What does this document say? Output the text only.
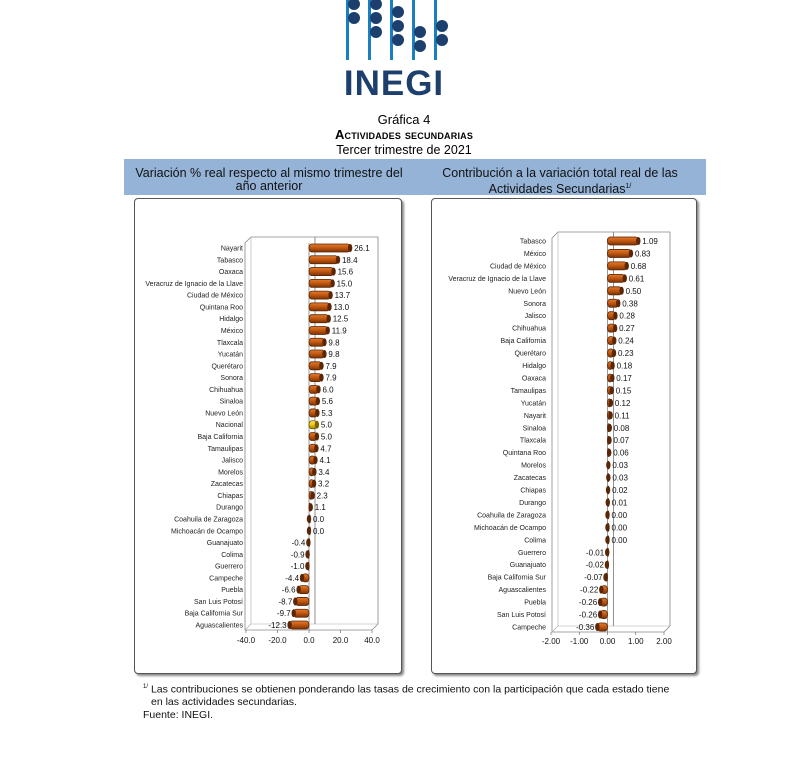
INEGI
Gráfica 4
Actividades secundarias
Tercer trimestre de 2021
Variación % real respecto al mismo trimestre del año anterior
Contribución a la variación total real de las Actividades Secundarias$^{1/}$
-40.0 -20.0 0.0 20.0 40.0
Nayarit	26.1
Tabasco	18.4
Oaxaca	15.6
Veracruz de Ignacio de la Llave	15.0
Ciudad de México	13.7
Quintana Roo	13.0
Hidalgo	12.5
México	11.9
Tlaxcala	9.8
Yucatán	9.8
Querétaro	7.9
Sonora	7.9
Chihuahua	6.0
Sinaloa	5.6
Nuevo León	5.3
Nacional	5.0
Baja California	5.0
Tamaulipas	4.7
Jalisco	4.1
Morelos	3.4
Zacatecas	3.2
Chiapas	2.3
Durango	1.1
Coahuila de Zaragoza	0.0
Michoacán de Ocampo	0.0
Guanajuato	-0.4
Colima	-0.9
Guerrero	-1.0
Campeche	-4.4
Puebla	-6.6
San Luis Potosí	-8.7
Baja California Sur	-9.7
Aguascalientes	-12.3
-2.00 -1.00 0.00 1.00 2.00
Tabasco	1.09
México	0.83
Ciudad de México	0.68
Veracruz de Ignacio de la Llave	0.61
Nuevo León	0.50
Sonora	0.38
Jalisco	0.28
Chihuahua	0.27
Baja California	0.24
Querétaro	0.23
Hidalgo	0.18
Oaxaca	0.17
Tamaulipas	0.15
Yucatán	0.12
Nayarit	0.11
Sinaloa	0.08
Tlaxcala	0.07
Quintana Roo	0.06
Morelos	0.03
Zacatecas	0.03
Chiapas	0.02
Durango	0.01
Coahuila de Zaragoza	0.00
Michoacán de Ocampo	0.00
Colima	0.00
Guerrero	-0.01
Guanajuato	-0.02
Baja California Sur	-0.07
Aguascalientes	-0.22
Puebla	-0.26
San Luis Potosí	-0.26
Campeche	-0.36
$^{1/}$ Las contribuciones se obtienen ponderando las tasas de crecimiento con la participación que cada estado tiene
en las actividades secundarias.
Fuente: INEGI.
